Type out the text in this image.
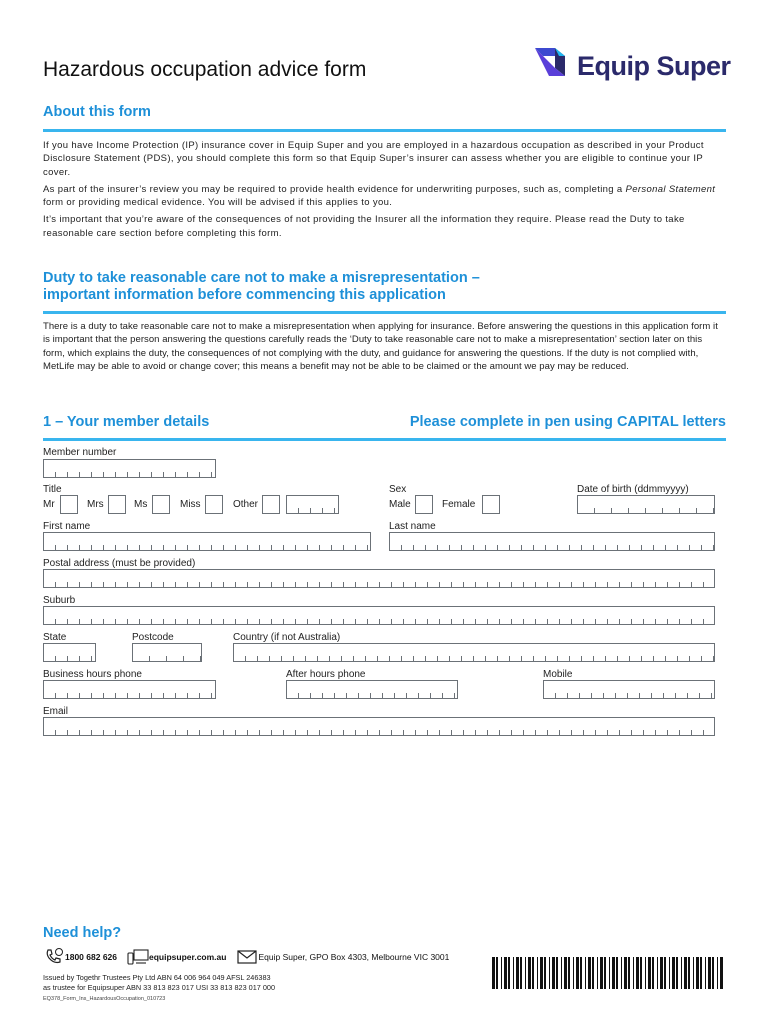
Hazardous occupation advice form	Equip Super
About this form

If you have Income Protection (IP) insurance cover in Equip Super and you are employed in a hazardous occupation as described in your Product Disclosure Statement (PDS), you should complete this form so that Equip Super’s insurer can assess whether you are eligible to continue your IP cover.

As part of the insurer’s review you may be required to provide health evidence for underwriting purposes, such as, completing a Personal Statement form or providing medical evidence. You will be advised if this applies to you.

It’s important that you’re aware of the consequences of not providing the Insurer all the information they require. Please read the Duty to take reasonable care section before completing this form.

Duty to take reasonable care not to make a misrepresentation –
important information before commencing this application
There is a duty to take reasonable care not to make a misrepresentation when applying for insurance. Before answering the questions in this application form it is important that the person answering the questions carefully reads the ‘Duty to take reasonable care not to make a misrepresentation’ section later on this form, which explains the duty, the consequences of not complying with the duty, and guidance for answering the questions. If the duty is not complied with, MetLife may be able to avoid or change cover; this means a benefit may not be able to be claimed or the amount we pay may be reduced.
1 – Your member details	Please complete in pen using CAPITAL letters
Member number
Title
Mr	Mrs	Ms	Miss	Other
Sex
Male	Female
Date of birth (ddmmyyyy)
First name	Last name
Postal address (must be provided)
Suburb
State	Postcode	Country (if not Australia)
Business hours phone	After hours phone	Mobile
Email
Need help?
1800 682 626	equipsuper.com.au	Equip Super, GPO Box 4303, Melbourne VIC 3001
Issued by Togethr Trustees Pty Ltd ABN 64 006 964 049 AFSL 246383
as trustee for Equipsuper ABN 33 813 823 017 USI 33 813 823 017 000
EQ378_Form_Ins_HazardousOccupation_010723
